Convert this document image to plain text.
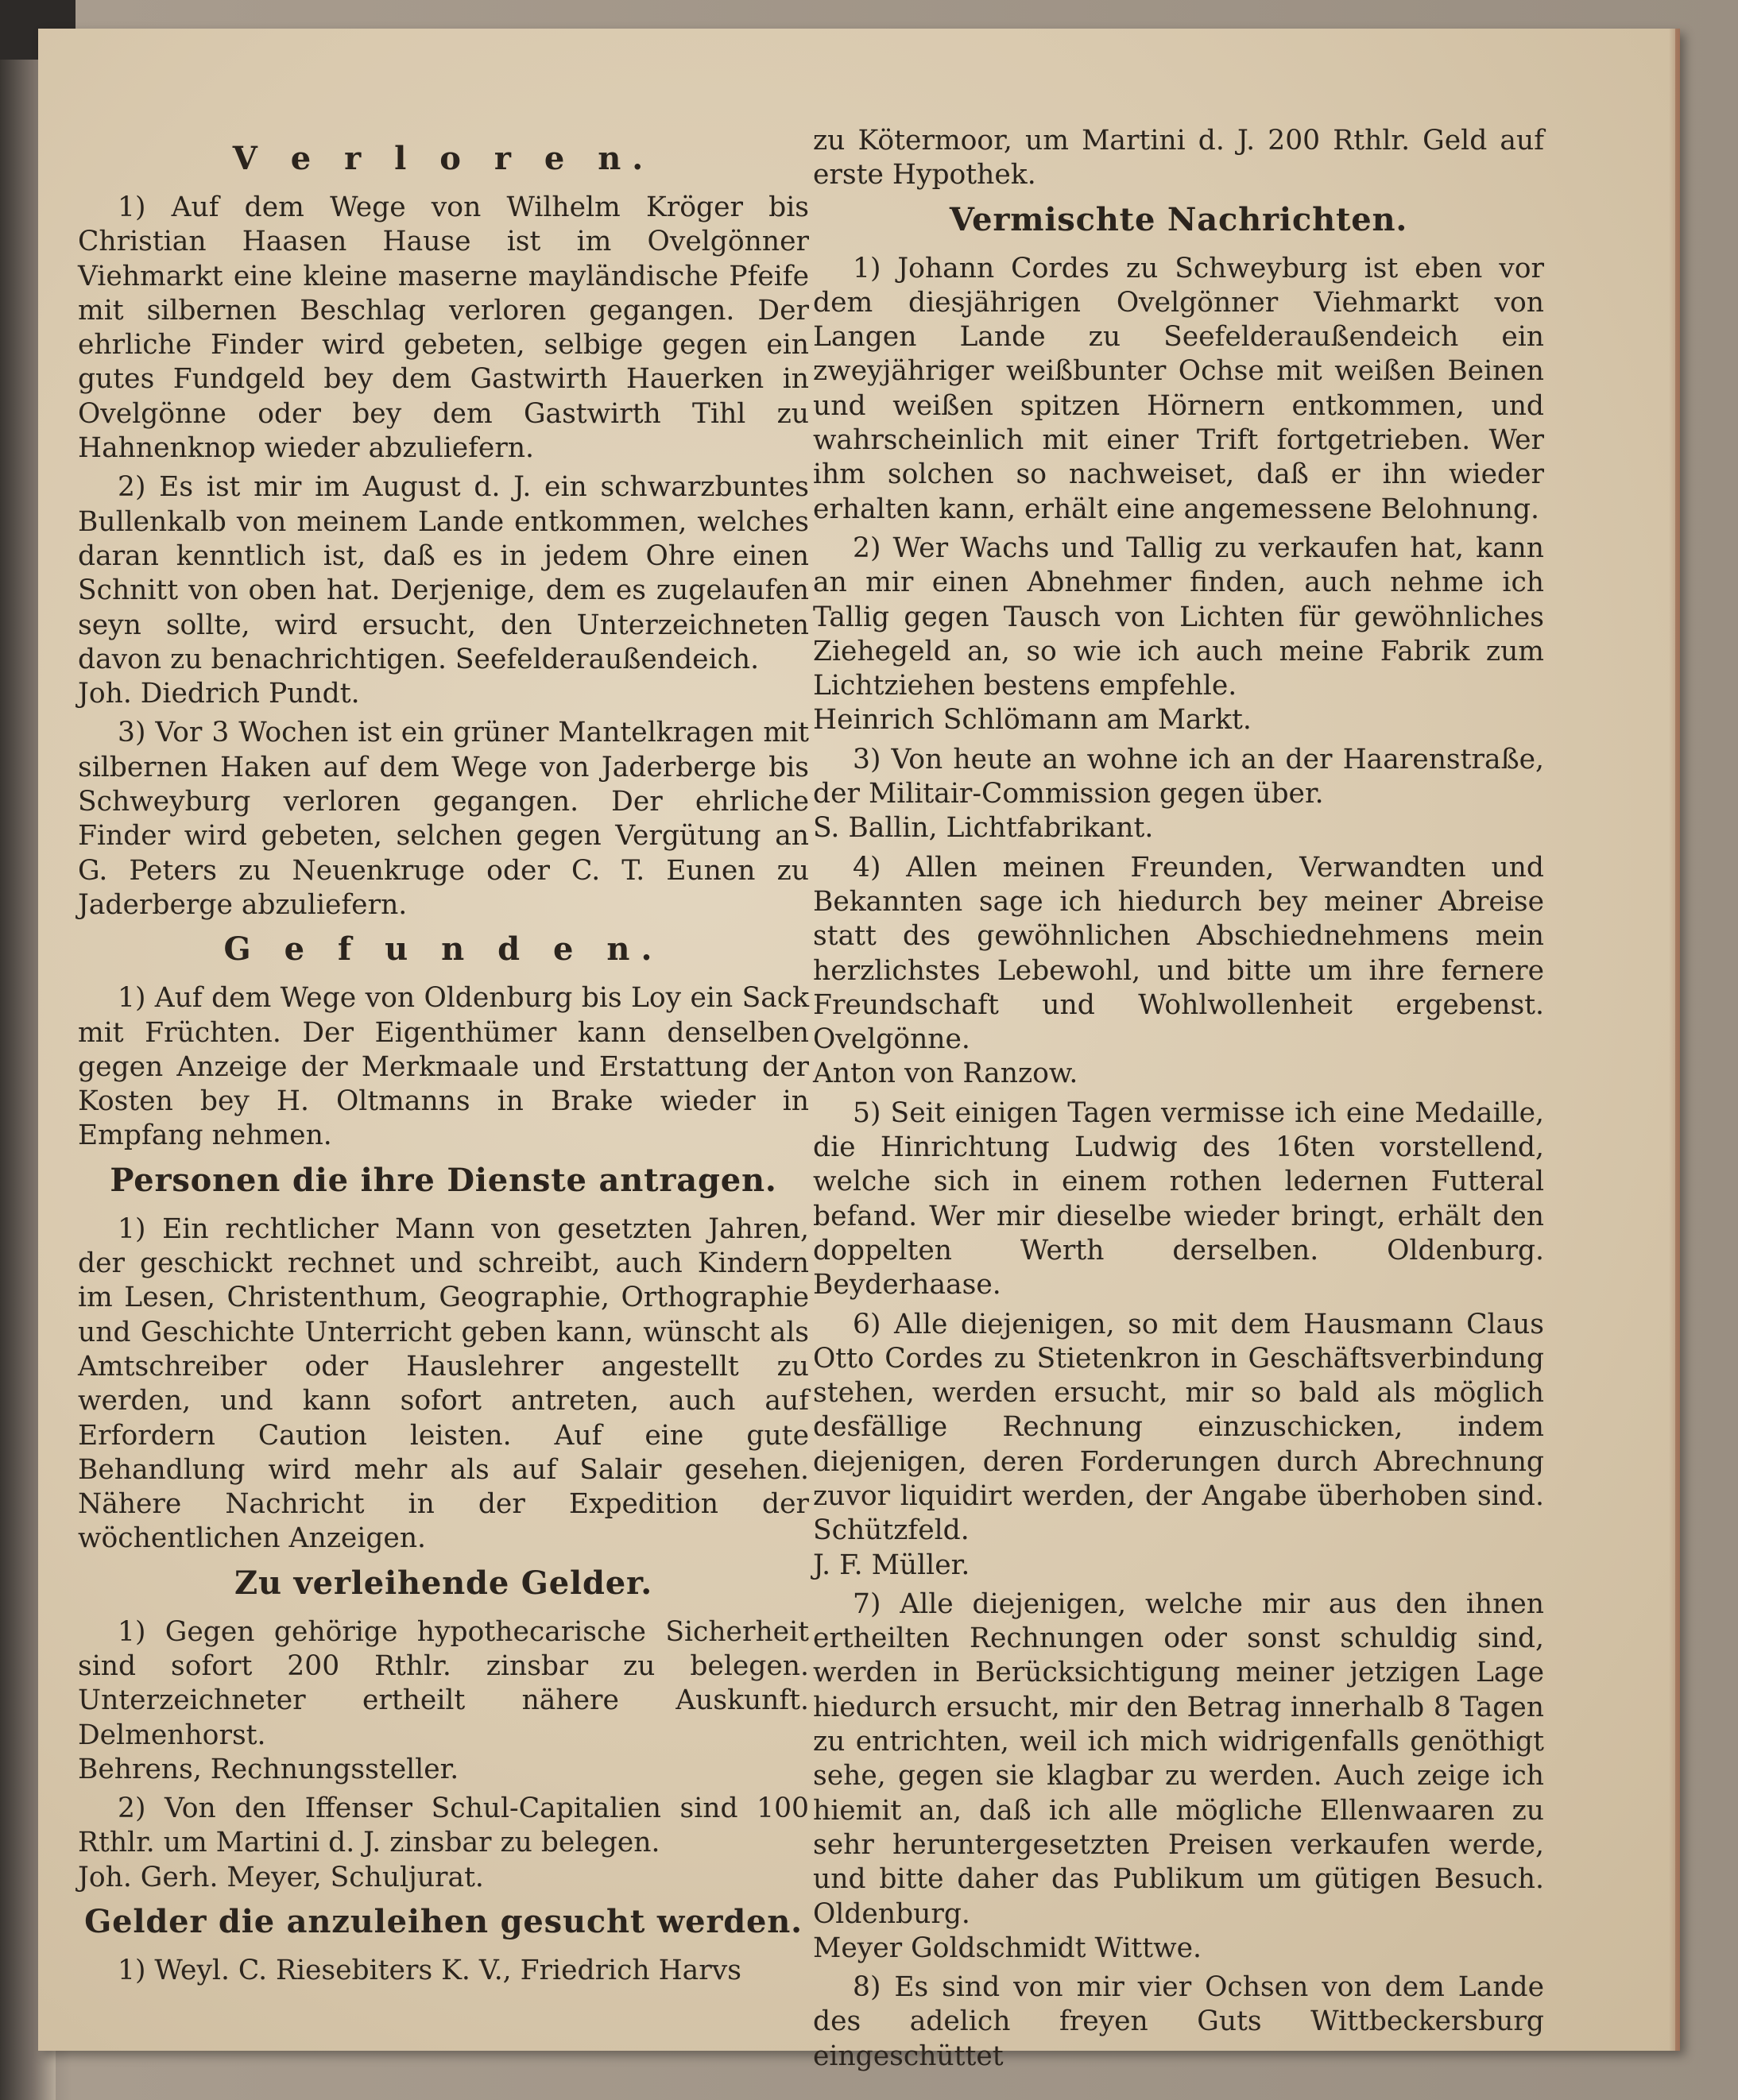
V e r l o r e n.

1) Auf dem Wege von Wilhelm Kröger bis Christian Haasen Hause ist im Ovelgönner Viehmarkt eine kleine maserne mayländische Pfeife mit silbernen Beschlag verloren gegangen. Der ehrliche Finder wird gebeten, selbige gegen ein gutes Fundgeld bey dem Gastwirth Hauerken in Ovelgönne oder bey dem Gastwirth Tihl zu Hahnenknop wieder abzuliefern.

2) Es ist mir im August d. J. ein schwarzbuntes Bullenkalb von meinem Lande entkommen, welches daran kenntlich ist, daß es in jedem Ohre einen Schnitt von oben hat. Derjenige, dem es zugelaufen seyn sollte, wird ersucht, den Unterzeichneten davon zu benachrichtigen. Seefelderaußendeich.

Joh. Diedrich Pundt.

3) Vor 3 Wochen ist ein grüner Mantelkragen mit silbernen Haken auf dem Wege von Jaderberge bis Schweyburg verloren gegangen. Der ehrliche Finder wird gebeten, selchen gegen Vergütung an G. Peters zu Neuenkruge oder C. T. Eunen zu Jaderberge abzuliefern.

G e f u n d e n.

1) Auf dem Wege von Oldenburg bis Loy ein Sack mit Früchten. Der Eigenthümer kann denselben gegen Anzeige der Merkmaale und Erstattung der Kosten bey H. Oltmanns in Brake wieder in Empfang nehmen.

Personen die ihre Dienste antragen.

1) Ein rechtlicher Mann von gesetzten Jahren, der geschickt rechnet und schreibt, auch Kindern im Lesen, Christenthum, Geographie, Orthographie und Geschichte Unterricht geben kann, wünscht als Amtschreiber oder Hauslehrer angestellt zu werden, und kann sofort antreten, auch auf Erfordern Caution leisten. Auf eine gute Behandlung wird mehr als auf Salair gesehen. Nähere Nachricht in der Expedition der wöchentlichen Anzeigen.

Zu verleihende Gelder.

1) Gegen gehörige hypothecarische Sicherheit sind sofort 200 Rthlr. zinsbar zu belegen. Unterzeichneter ertheilt nähere Auskunft. Delmenhorst.

Behrens, Rechnungssteller.

2) Von den Iffenser Schul-Capitalien sind 100 Rthlr. um Martini d. J. zinsbar zu belegen.

Joh. Gerh. Meyer, Schuljurat.

Gelder die anzuleihen gesucht werden.

1) Weyl. C. Riesebiters K. V., Friedrich Harvs

zu Kötermoor, um Martini d. J. 200 Rthlr. Geld auf erste Hypothek.

Vermischte Nachrichten.

1) Johann Cordes zu Schweyburg ist eben vor dem diesjährigen Ovelgönner Viehmarkt von Langen Lande zu Seefelderaußendeich ein zweyjähriger weißbunter Ochse mit weißen Beinen und weißen spitzen Hörnern entkommen, und wahrscheinlich mit einer Trift fortgetrieben. Wer ihm solchen so nachweiset, daß er ihn wieder erhalten kann, erhält eine angemessene Belohnung.

2) Wer Wachs und Tallig zu verkaufen hat, kann an mir einen Abnehmer finden, auch nehme ich Tallig gegen Tausch von Lichten für gewöhnliches Ziehegeld an, so wie ich auch meine Fabrik zum Lichtziehen bestens empfehle.

Heinrich Schlömann am Markt.

3) Von heute an wohne ich an der Haarenstraße, der Militair-Commission gegen über.

S. Ballin, Lichtfabrikant.

4) Allen meinen Freunden, Verwandten und Bekannten sage ich hiedurch bey meiner Abreise statt des gewöhnlichen Abschiednehmens mein herzlichstes Lebewohl, und bitte um ihre fernere Freundschaft und Wohlwollenheit ergebenst. Ovelgönne.

Anton von Ranzow.

5) Seit einigen Tagen vermisse ich eine Medaille, die Hinrichtung Ludwig des 16ten vorstellend, welche sich in einem rothen ledernen Futteral befand. Wer mir dieselbe wieder bringt, erhält den doppelten Werth derselben. Oldenburg. Beyderhaase.

6) Alle diejenigen, so mit dem Hausmann Claus Otto Cordes zu Stietenkron in Geschäftsverbindung stehen, werden ersucht, mir so bald als möglich desfällige Rechnung einzuschicken, indem diejenigen, deren Forderungen durch Abrechnung zuvor liquidirt werden, der Angabe überhoben sind. Schützfeld.

J. F. Müller.

7) Alle diejenigen, welche mir aus den ihnen ertheilten Rechnungen oder sonst schuldig sind, werden in Berücksichtigung meiner jetzigen Lage hiedurch ersucht, mir den Betrag innerhalb 8 Tagen zu entrichten, weil ich mich widrigenfalls genöthigt sehe, gegen sie klagbar zu werden. Auch zeige ich hiemit an, daß ich alle mögliche Ellenwaaren zu sehr heruntergesetzten Preisen verkaufen werde, und bitte daher das Publikum um gütigen Besuch. Oldenburg.

Meyer Goldschmidt Wittwe.

8) Es sind von mir vier Ochsen von dem Lande des adelich freyen Guts Wittbeckersburg eingeschüttet
